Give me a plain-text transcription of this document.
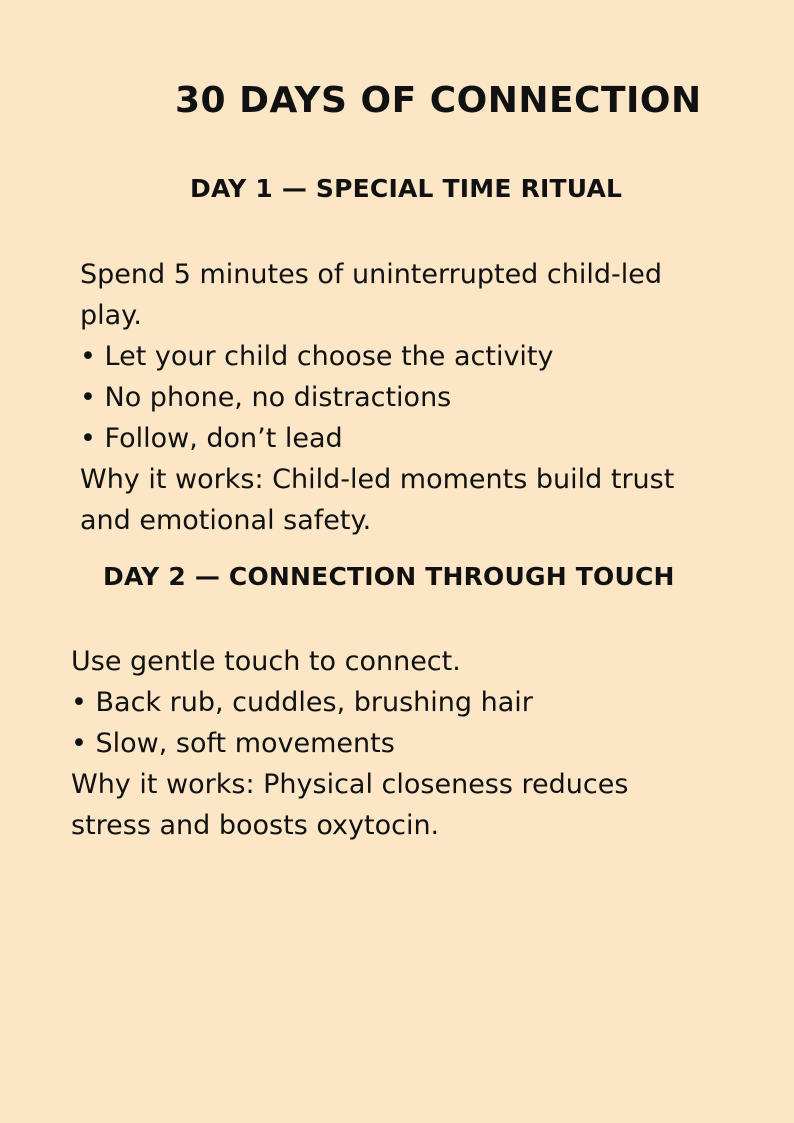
30 DAYS OF CONNECTION
DAY 1 — SPECIAL TIME RITUAL
Spend 5 minutes of uninterrupted child-led
play.
• Let your child choose the activity
• No phone, no distractions
• Follow, don’t lead
Why it works: Child-led moments build trust
and emotional safety.
DAY 2 — CONNECTION THROUGH TOUCH
Use gentle touch to connect.
• Back rub, cuddles, brushing hair
• Slow, soft movements
Why it works: Physical closeness reduces
stress and boosts oxytocin.
